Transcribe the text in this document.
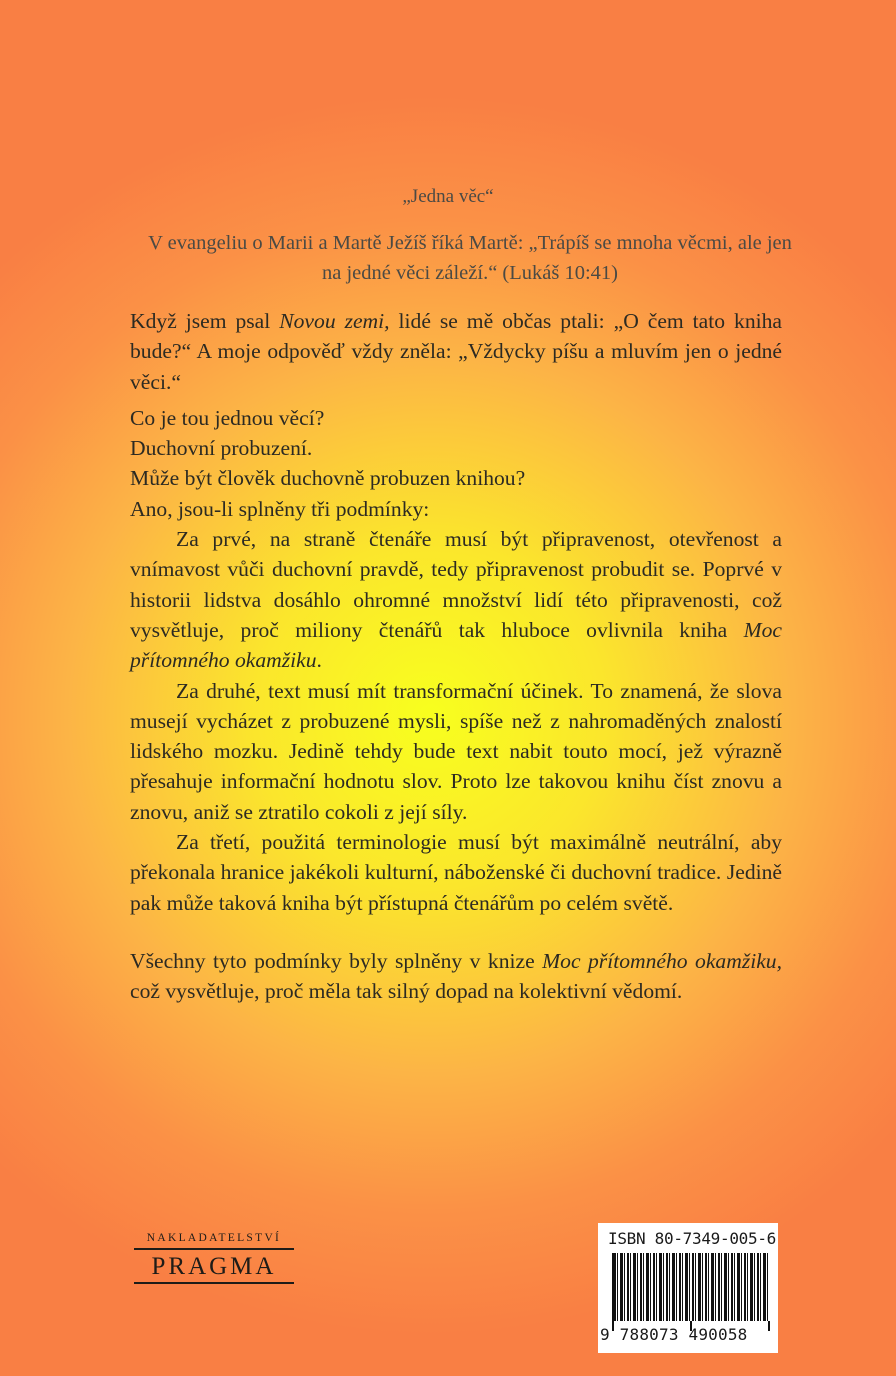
„Jedna věc“
V evangeliu o Marii a Martě Ježíš říká Martě: „Trápíš se mnoha věcmi, ale jen na jedné věci záleží.“ (Lukáš 10:41)

Když jsem psal Novou zemi, lidé se mě občas ptali: „O čem tato kniha bude?“ A moje odpověď vždy zněla: „Vždycky píšu a mluvím jen o jedné věci.“

Co je tou jednou věcí?

Duchovní probuzení.

Může být člověk duchovně probuzen knihou?

Ano, jsou-li splněny tři podmínky:

Za prvé, na straně čtenáře musí být připravenost, otevřenost a vnímavost vůči duchovní pravdě, tedy připravenost probudit se. Poprvé v historii lidstva dosáhlo ohromné množství lidí této připravenosti, což vysvětluje, proč miliony čtenářů tak hluboce ovlivnila kniha Moc přítomného okamžiku.

Za druhé, text musí mít transformační účinek. To znamená, že slova musejí vycházet z probuzené mysli, spíše než z nahromaděných znalostí lidského mozku. Jedině tehdy bude text nabit touto mocí, jež výrazně přesahuje informační hodnotu slov. Proto lze takovou knihu číst znovu a znovu, aniž se ztratilo cokoli z její síly.

Za třetí, použitá terminologie musí být maximálně neutrální, aby překonala hranice jakékoli kulturní, náboženské či duchovní tradice. Jedině pak může taková kniha být přístupná čtenářům po celém světě.

Všechny tyto podmínky byly splněny v knize Moc přítomného okamžiku, což vysvětluje, proč měla tak silný dopad na kolektivní vědomí.

NAKLADATELSTVÍ
PRAGMA
ISBN 80-7349-005-6
9 788073 490058
